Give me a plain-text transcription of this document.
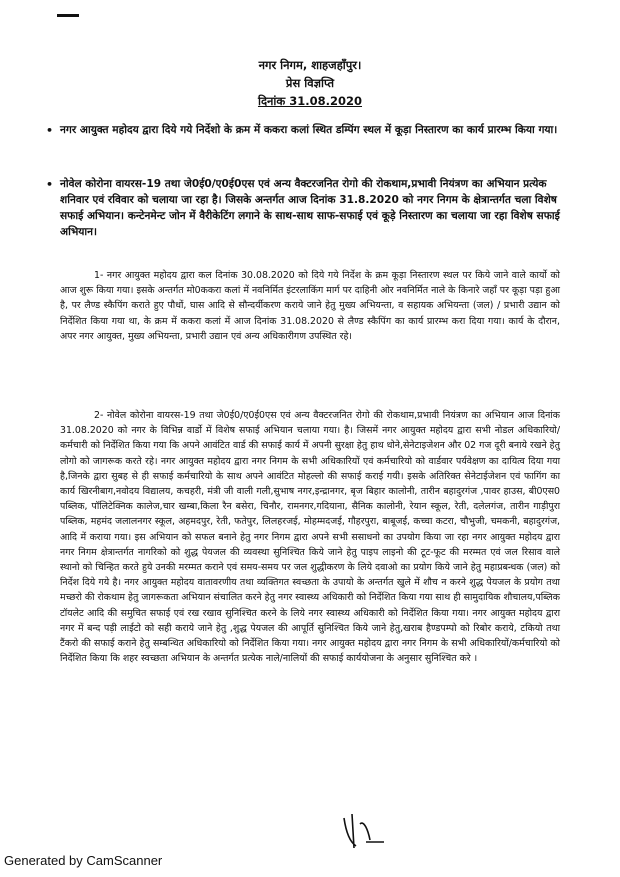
नगर निगम, शाहजहाँपुर।
प्रेस विज्ञप्ति
दिनांक 31.08.2020
• नगर आयुक्त महोदय द्वारा दिये गये निर्देशो के क्रम में ककरा कलां स्थित डम्पिंग स्थल में कूड़ा निस्तारण का कार्य प्रारम्भ किया गया।
• नोवेल कोरोना वायरस-19 तथा जे0ई0/ए0ई0एस एवं अन्य वैक्टरजनित रोगो की रोकथाम,प्रभावी नियंत्रण का अभियान प्रत्येक शनिवार एवं रविवार को चलाया जा रहा है। जिसके अन्तर्गत आज दिनांक 31.8.2020 को नगर निगम के क्षेत्रान्तर्गत चला विशेष सफाई अभियान। कन्टेनमेन्ट जोन में वैरीकेटिंग लगाने के साथ-साथ साफ-सफाई एवं कूड़े निस्तारण का चलाया जा रहा विशेष सफाई अभियान।
1- नगर आयुक्त महोदय द्वारा कल दिनांक 30.08.2020 को दिये गये निर्देश के क्रम कूड़ा निस्तारण स्थल पर किये जाने वाले कार्यो को आज शुरू किया गया। इसके अन्तर्गत मो0ककरा कलां में नवनिर्मित इंटरलाकिंग मार्ग पर दाहिनी ओर नवनिर्मित नाले के किनारे जहाँ पर कूड़ा पड़ा हुआ है, पर लैण्ड स्कैपिंग कराते हुए पौधों, घास आदि से सौन्दर्यीकरण कराये जाने हेतु मुख्य अभियन्ता, व सहायक अभियन्ता (जल) / प्रभारी उद्यान को निर्देशित किया गया था, के क्रम में ककरा कलां में आज दिनांक 31.08.2020 से लैण्ड स्कैपिंग का कार्य प्रारम्भ करा दिया गया। कार्य के दौरान, अपर नगर आयुक्त, मुख्य अभियन्ता, प्रभारी उद्यान एवं अन्य अधिकारीगण उपस्थित रहे।
2- नोवेल कोरोना वायरस-19 तथा जे0ई0/ए0ई0एस एवं अन्य वैक्टरजनित रोगो की रोकथाम,प्रभावी नियंत्रण का अभियान आज दिनांक 31.08.2020 को नगर के विभिन्न वार्डो में विशेष सफाई अभियान चलाया गया। है। जिसमें नगर आयुक्त महोदय द्वारा सभी नोडल अधिकारियो/कर्मचारी को निर्देशित किया गया कि अपने आवंटित वार्ड की सफाई कार्य में अपनी सुरक्षा हेतु हाथ धोने,सेनेटाइजेशन और 02 गज दूरी बनाये रखने हेतु लोगो को जागरूक करते रहे। नगर आयुक्त महोदय द्वारा नगर निगम के सभी अधिकारियों एवं कर्मचारियो को वार्डवार पर्यवेक्षण का दायित्व दिया गया है,जिनके द्वारा सुबह से ही सफाई कर्मचारियो के साथ अपने आवंटित मोहल्लो की सफाई कराई गयी। इसके अतिरिक्त सेनेटाईजेशन एवं फागिंग का कार्य खिरनीबाग,नवोदय विद्यालय, कचहरी, मंत्री जी वाली गली,सुभाष नगर,इन्द्रानगर, बृज बिहार कालोनी, तारीन बहादुरगंज ,पावर हाउस, बी0एस0 पब्लिक, पॉलिटेक्निक कालेज,चार खम्बा,किला रैन बसेरा, चिनौर, रामनगर,गदियाना, सैनिक कालोनी, रेयान स्कूल, रेती, दलेलगंज, तारीन गाड़ीपुरा पब्लिक, महमंद जलालनगर स्कूल, अहमदपुर, रेती, फतेपुर, लिलहरजई, मोहम्मदजई, गौहरपुरा, बाबूजई, कच्चा कटरा, चौभुजी, चमकनी, बहादुरगंज, आदि में कराया गया। इस अभियान को सफल बनाने हेतु नगर निगम द्वारा अपने सभी ससाधनो का उपयोग किया जा रहा नगर आयुक्त महोदय द्वारा नगर निगम क्षेत्रान्तर्गत नागरिको को शुद्ध पेयजल की व्यवस्था सुनिश्चित किये जाने हेतु पाइप लाइनो की टूट-फूट की मरम्मत एवं जल रिसाव वाले स्थानो को चिन्हित करते हुये उनकी मरम्मत कराने एवं समय-समय पर जल शुद्धीकरण के लिये दवाओ का प्रयोग किये जाने हेतु महाप्रबन्धक (जल) को निर्देश दिये गये है। नगर आयुक्त महोदय वातावरणीय तथा व्यक्तिगत स्वच्छता के उपायो के अन्तर्गत खुले में शौच न करने शुद्ध पेयजल के प्रयोग तथा मच्छरो की रोकथाम हेतु जागरूकता अभियान संचालित करने हेतु नगर स्वास्थ्य अधिकारी को निर्देशित किया गया साथ ही सामुदायिक शौचालय,पब्लिक टॉयलेट आदि की समुचित सफाई एवं रख रखाव सुनिश्चित करने के लिये नगर स्वास्थ्य अधिकारी को निर्देशित किया गया। नगर आयुक्त महोदय द्वारा नगर में बन्द पड़ी लाईटो को सही कराये जाने हेतु ,शुद्ध पेयजल की आपूर्ति सुनिश्चित किये जाने हेतु,खराब हैण्डपम्पो को रिबोर कराये, टकियो तथा टैंकरो की सफाई कराने हेतु सम्बन्धित अधिकारियो को निर्देशित किया गया। नगर आयुक्त महोदय द्वारा नगर निगम के सभी अधिकारियों/कर्मचारियो को निर्देशित किया कि शहर स्वच्छता अभियान के अन्तर्गत प्रत्येक नाले/नालियों की सफाई कार्ययोजना के अनुसार सुनिश्चित करे ।
Generated by CamScanner
